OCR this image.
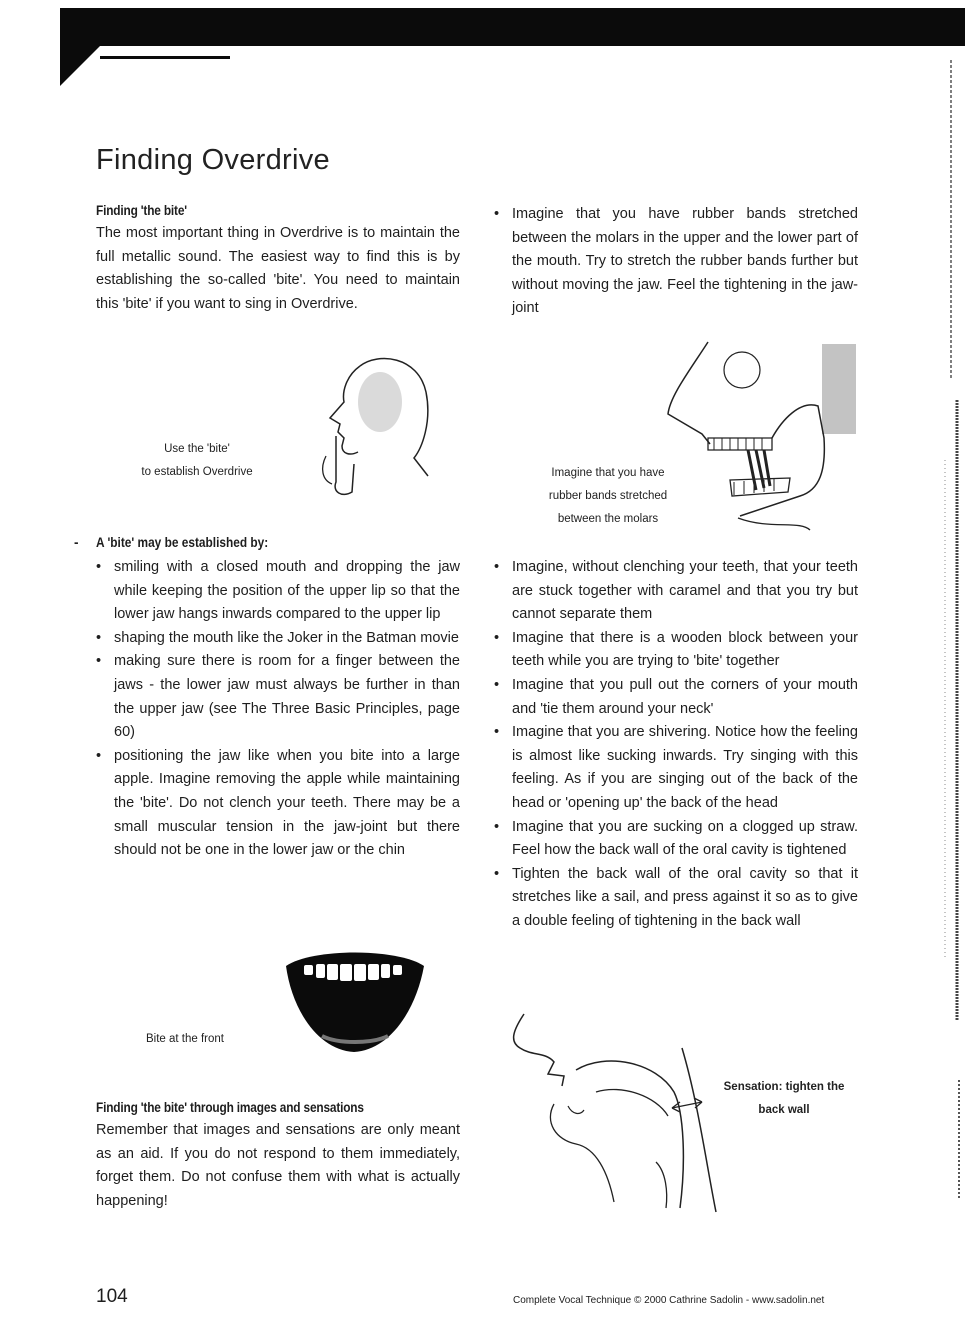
Finding Overdrive
Finding 'the bite'

The most important thing in Overdrive is to maintain the full metallic sound. The easiest way to find this is by establishing the so-called 'bite'. You need to maintain this 'bite' if you want to sing in Overdrive.

Use the 'bite'
to establish Overdrive
- A 'bite' may be established by:
• smiling with a closed mouth and dropping the jaw while keeping the position of the upper lip so that the lower jaw hangs inwards compared to the upper lip
• shaping the mouth like the Joker in the Batman movie
• making sure there is room for a finger between the jaws - the lower jaw must always be further in than the upper jaw (see The Three Basic Principles, page 60)
• positioning the jaw like when you bite into a large apple. Imagine removing the apple while maintaining the 'bite'. Do not clench your teeth. There may be a small muscular tension in the jaw-joint but there should not be one in the lower jaw or the chin
Bite at the front
Finding 'the bite' through images and sensations

Remember that images and sensations are only meant as an aid. If you do not respond to them immediately, forget them. Do not confuse them with what is actually happening!

• Imagine that you have rubber bands stretched between the molars in the upper and the lower part of the mouth. Try to stretch the rubber bands further but without moving the jaw. Feel the tightening in the jaw-joint
Imagine that you have
rubber bands stretched
between the molars
• Imagine, without clenching your teeth, that your teeth are stuck together with caramel and that you try but cannot separate them
• Imagine that there is a wooden block between your teeth while you are trying to 'bite' together
• Imagine that you pull out the corners of your mouth and 'tie them around your neck'
• Imagine that you are shivering. Notice how the feeling is almost like sucking inwards. Try singing with this feeling. As if you are singing out of the back of the head or 'opening up' the back of the head
• Imagine that you are sucking on a clogged up straw. Feel how the back wall of the oral cavity is tightened
• Tighten the back wall of the oral cavity so that it stretches like a sail, and press against it so as to give a double feeling of tightening in the back wall
Sensation: tighten the
back wall
104	Complete Vocal Technique © 2000 Cathrine Sadolin - www.sadolin.net
